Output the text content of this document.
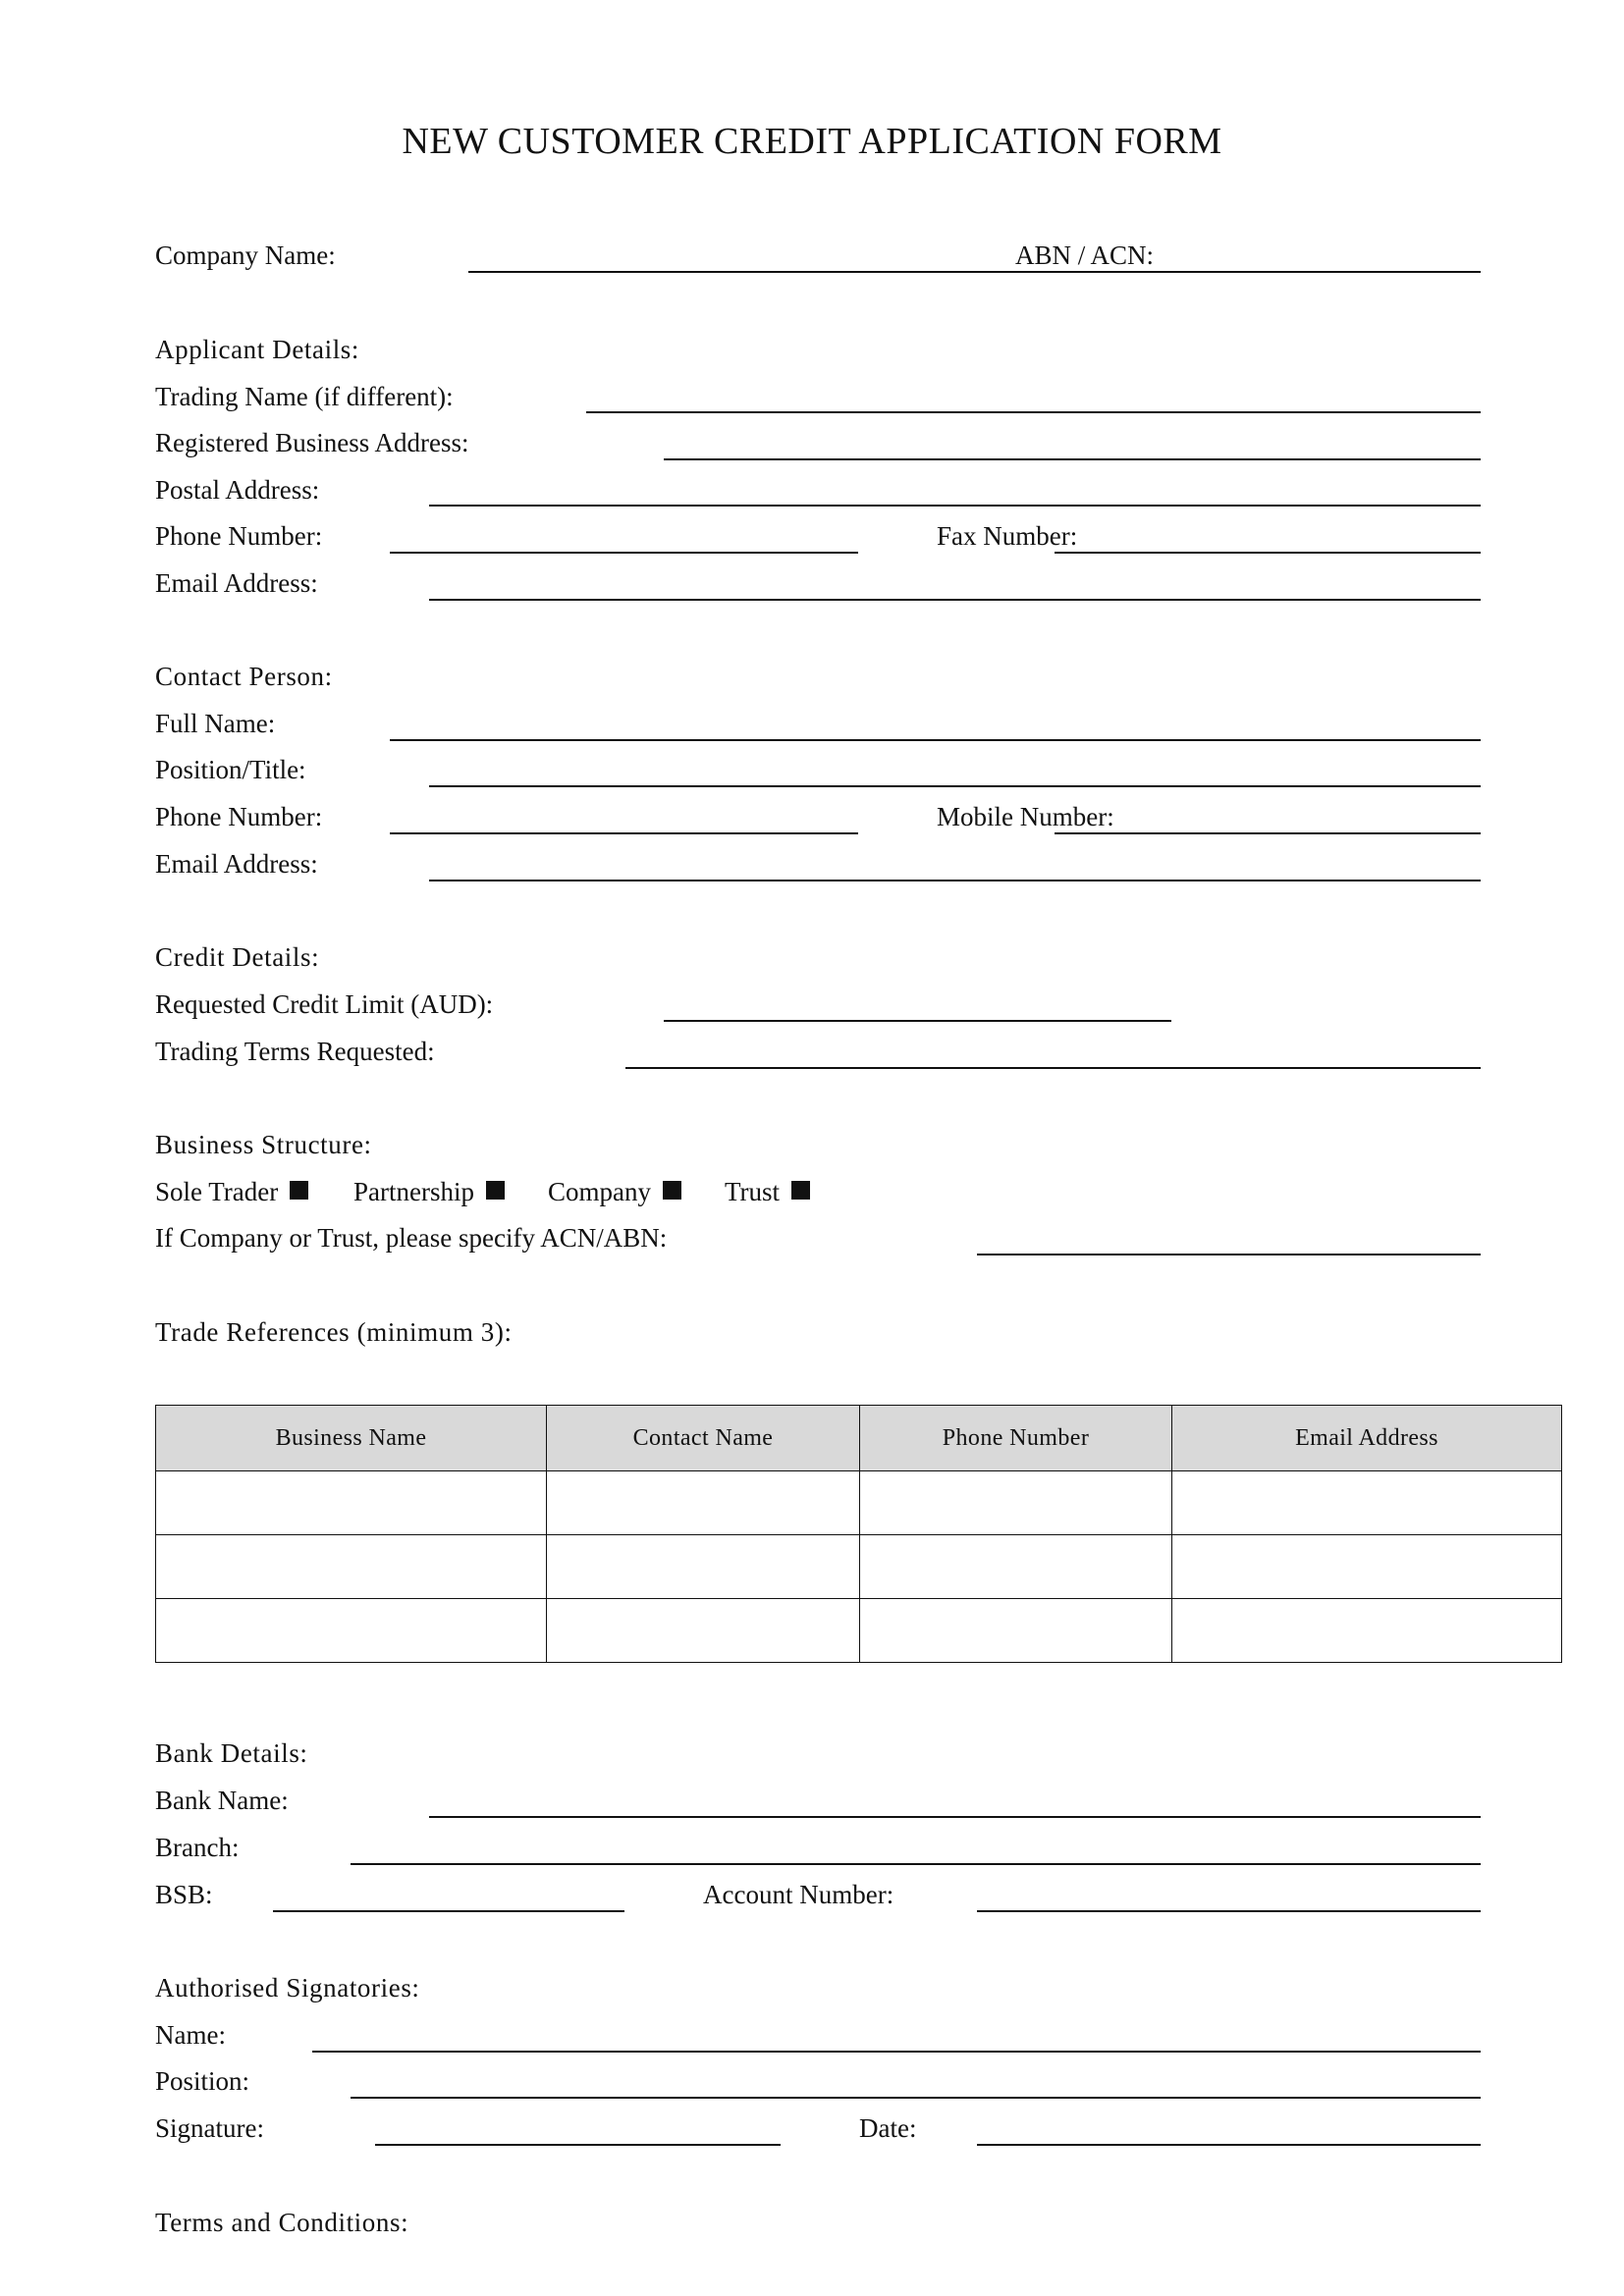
NEW CUSTOMER CREDIT APPLICATION FORM
Company Name:	ABN / ACN:
Applicant Details:
Trading Name (if different):
Registered Business Address:
Postal Address:
Phone Number:	Fax Number:
Email Address:
Contact Person:
Full Name:
Position/Title:
Phone Number:	Mobile Number:
Email Address:
Credit Details:
Requested Credit Limit (AUD):
Trading Terms Requested:
Business Structure:
Sole Trader	Partnership	Company	Trust
If Company or Trust, please specify ACN/ABN:
Trade References (minimum 3):
Business Name	Contact Name	Phone Number	Email Address

Bank Details:
Bank Name:
Branch:
BSB:	Account Number:
Authorised Signatories:
Name:
Position:
Signature:	Date:
Terms and Conditions:
